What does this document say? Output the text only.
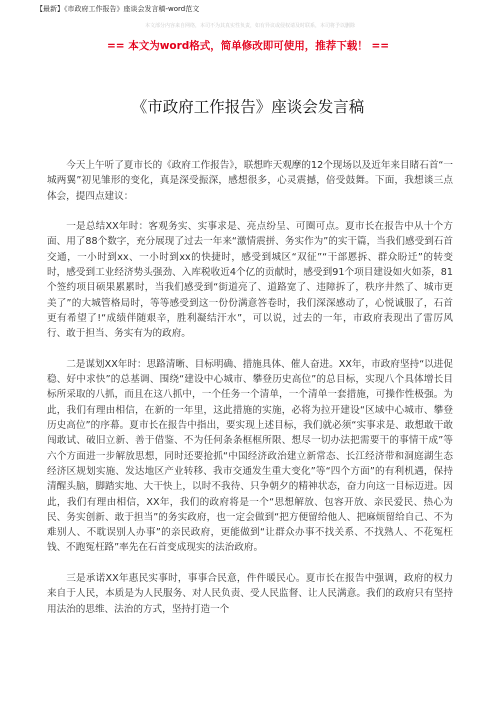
【最新】《市政府工作报告》座谈会发言稿-word范文
本文部分内容来自网络，本司不为其真实性负责，如有异议或侵权请及时联系，本司将予以删除
== 本文为word格式，简单修改即可使用，推荐下载！ ==
《市政府工作报告》座谈会发言稿

今天上午听了夏市长的《政府工作报告》，联想昨天观摩的12个现场以及近年来目睹石首“一城两翼”初见雏形的变化，真是深受振深，感想很多，心灵震撼，倍受鼓舞。下面，我想谈三点体会，提四点建议：

一是总结XX年时：客观务实、实事求是、亮点纷呈、可圈可点。夏市长在报告中从十个方面、用了88个数字，充分展现了过去一年来“激情震拼、务实作为”的实干篇，当我们感受到石首交通，一小时到xx、一小时到xx的快捷时，感受到城区“双征”“干部慝拆、群众盼迁”的转变时，感受到工业经济势头强劲、入库税收近4个亿的贡献时，感受到91个项目建设如火如荼，81个签约项目硕果累累时，当我们感受到“街道亮了、道路宽了、违障拆了，秩序井然了、城市更美了”的大城管格局时，等等感受到这一份份满意答卷时，我们深深感动了，心悦诚服了，石首更有希望了!“成绩伴随艰辛，胜利凝结汗水”，可以说，过去的一年，市政府表现出了雷厉风行、敢于担当、务实有为的政府。

二是谋划XX年时：思路清晰、目标明确、措施具体、催人奋进。XX年，市政府坚持“以进促稳、好中求快”的总基调、围绕“建设中心城市、攀登历史高位”的总目标，实现八个具体增长目标所采取的八抓，而且在这八抓中，一个任务一个清单，一个清单一套措施，可操作性极强。为此，我们有理由相信，在新的一年里，这此措施的实施，必将为拉开建设“区域中心城市、攀登历史高位”的序幕。夏市长在报告中指出，要实现上述目标，我们就必须“实事求是、敢想敢干敢闯敢试、破旧立新、善于借鉴、不为任何条条框框所限、想尽一切办法把需要干的事情干成”等六个方面进一步解放思想，同时还要抢抓“中国经济政治建立新常态、长江经济带和洞庭湖生态经济区规划实施、发达地区产业转移、我市交通发生重大变化”等“四个方面”的有利机遇，保持清醒头脑，脚踏实地、大干快上，以时不我待、只争朝夕的精神状态，奋力向这一目标迈进。因此，我们有理由相信，XX年，我们的政府将是一个“思想解放、包容开放、亲民爱民、热心为民、务实创新、敢于担当”的务实政府，也一定会做到“把方便留给他人、把麻烦留给自己、不为难别人、不耽误别人办事”的亲民政府，更能做到“让群众办事不找关系、不找熟人、不花冤枉钱、不跑冤枉路”率先在石首变成现实的法治政府。

三是承诺XX年惠民实事时，事事合民意，件件暖民心。夏市长在报告中强调，政府的权力来自于人民，本质是为人民服务、对人民负责、受人民监督、让人民满意。我们的政府只有坚持用法治的思维、法治的方式，坚持打造一个
